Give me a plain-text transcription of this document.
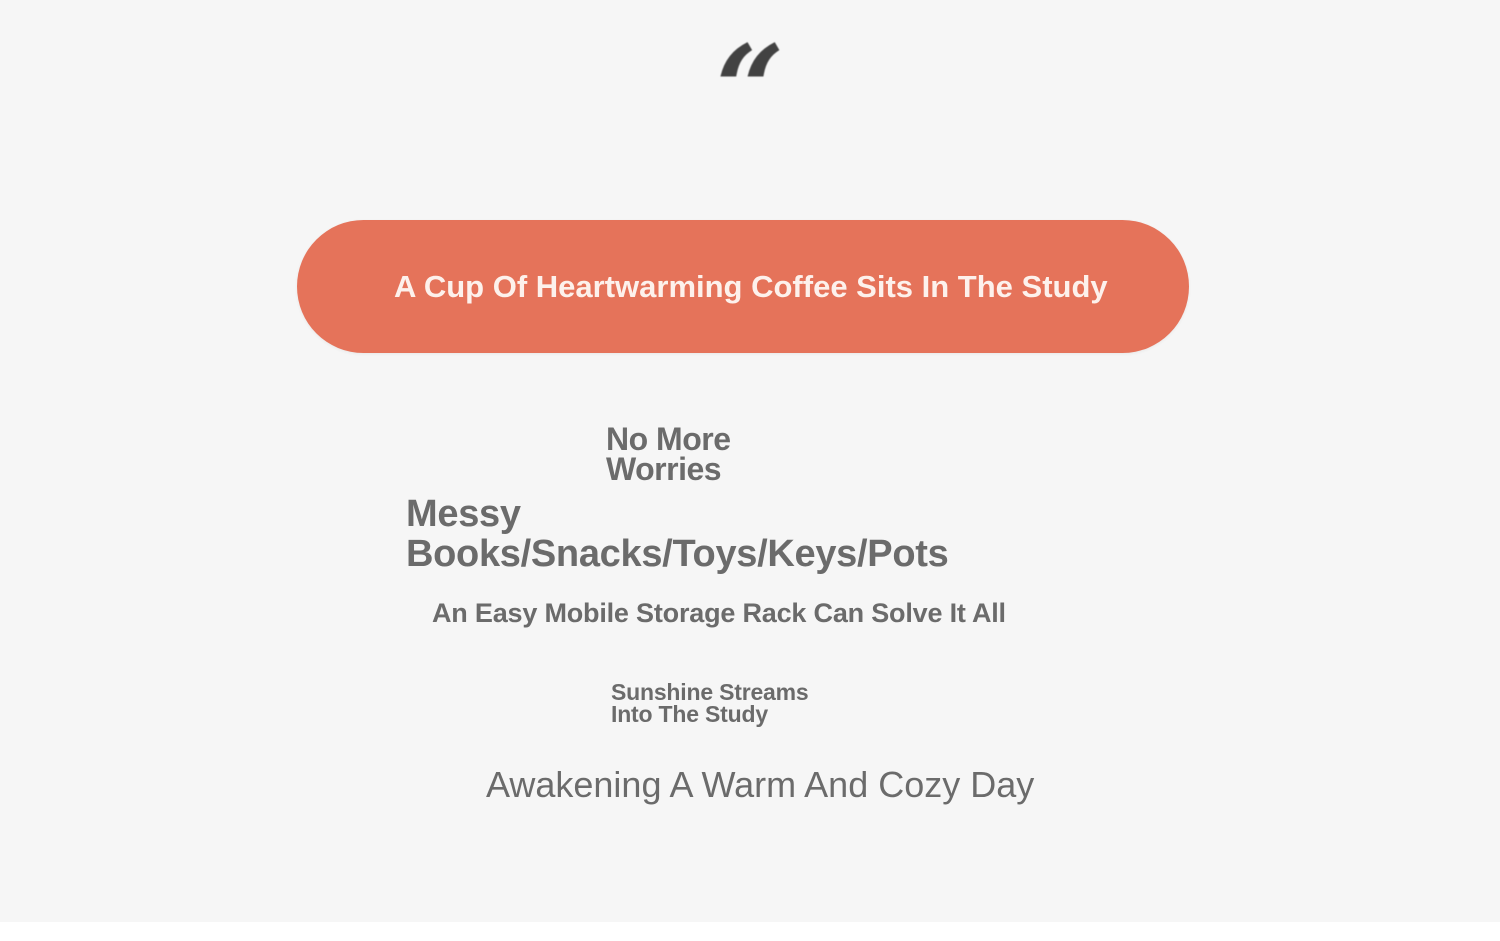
“
A Cup Of Heartwarming Coffee Sits In The Study
No More
Worries
Messy
Books/Snacks/Toys/Keys/Pots
An Easy Mobile Storage Rack Can Solve It All
Sunshine Streams
Into The Study
Awakening A Warm And Cozy Day
